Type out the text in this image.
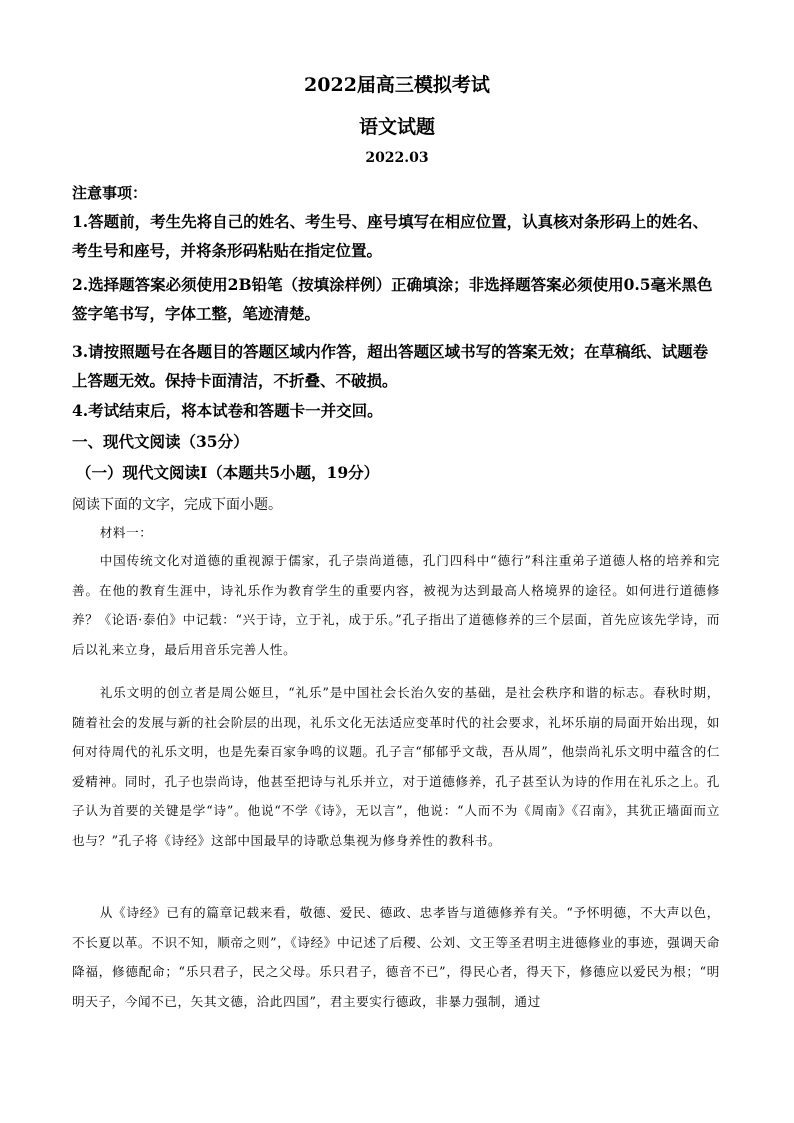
2022届高三模拟考试
语文试题
2022.03
注意事项：
1.答题前，考生先将自己的姓名、考生号、座号填写在相应位置，认真核对条形码上的姓名、考生号和座号，并将条形码粘贴在指定位置。
2.选择题答案必须使用2B铅笔（按填涂样例）正确填涂；非选择题答案必须使用0.5毫米黑色签字笔书写，字体工整，笔迹清楚。
3.请按照题号在各题目的答题区域内作答，超出答题区域书写的答案无效；在草稿纸、试题卷上答题无效。保持卡面清洁，不折叠、不破损。
4.考试结束后，将本试卷和答题卡一并交回。
一、现代文阅读（35分）
（一）现代文阅读I（本题共5小题，19分）
阅读下面的文字，完成下面小题。
材料一：
中国传统文化对道德的重视源于儒家，孔子崇尚道德，孔门四科中“德行”科注重弟子道德人格的培养和完善。在他的教育生涯中，诗礼乐作为教育学生的重要内容，被视为达到最高人格境界的途径。如何进行道德修养？《论语·泰伯》中记载：“兴于诗，立于礼，成于乐。”孔子指出了道德修养的三个层面，首先应该先学诗，而后以礼来立身，最后用音乐完善人性。
礼乐文明的创立者是周公姬旦，“礼乐”是中国社会长治久安的基础，是社会秩序和谐的标志。春秋时期，随着社会的发展与新的社会阶层的出现，礼乐文化无法适应变革时代的社会要求，礼坏乐崩的局面开始出现，如何对待周代的礼乐文明，也是先秦百家争鸣的议题。孔子言“郁郁乎文哉，吾从周”，他崇尚礼乐文明中蕴含的仁爱精神。同时，孔子也崇尚诗，他甚至把诗与礼乐并立，对于道德修养，孔子甚至认为诗的作用在礼乐之上。孔子认为首要的关键是学“诗”。他说“不学《诗》，无以言”，他说：“人而不为《周南》《召南》，其犹正墙面而立也与？”孔子将《诗经》这部中国最早的诗歌总集视为修身养性的教科书。
从《诗经》已有的篇章记载来看，敬德、爱民、德政、忠孝皆与道德修养有关。“予怀明德，不大声以色，不长夏以革。不识不知，顺帝之则”，《诗经》中记述了后稷、公刘、文王等圣君明主进德修业的事迹，强调天命降福，修德配命；“乐只君子，民之父母。乐只君子，德音不已”，得民心者，得天下，修德应以爱民为根；“明明天子，今闻不已，矢其文德，洽此四国”，君主要实行德政，非暴力强制，通过
